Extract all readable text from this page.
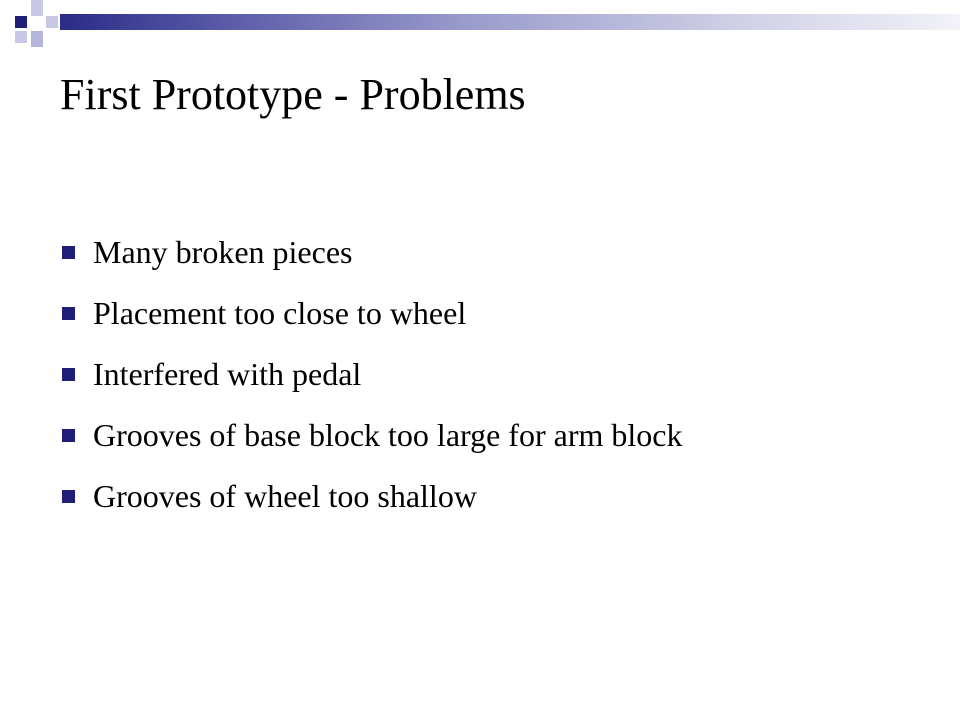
First Prototype - Problems
Many broken pieces
Placement too close to wheel
Interfered with pedal
Grooves of base block too large for arm block
Grooves of wheel too shallow
